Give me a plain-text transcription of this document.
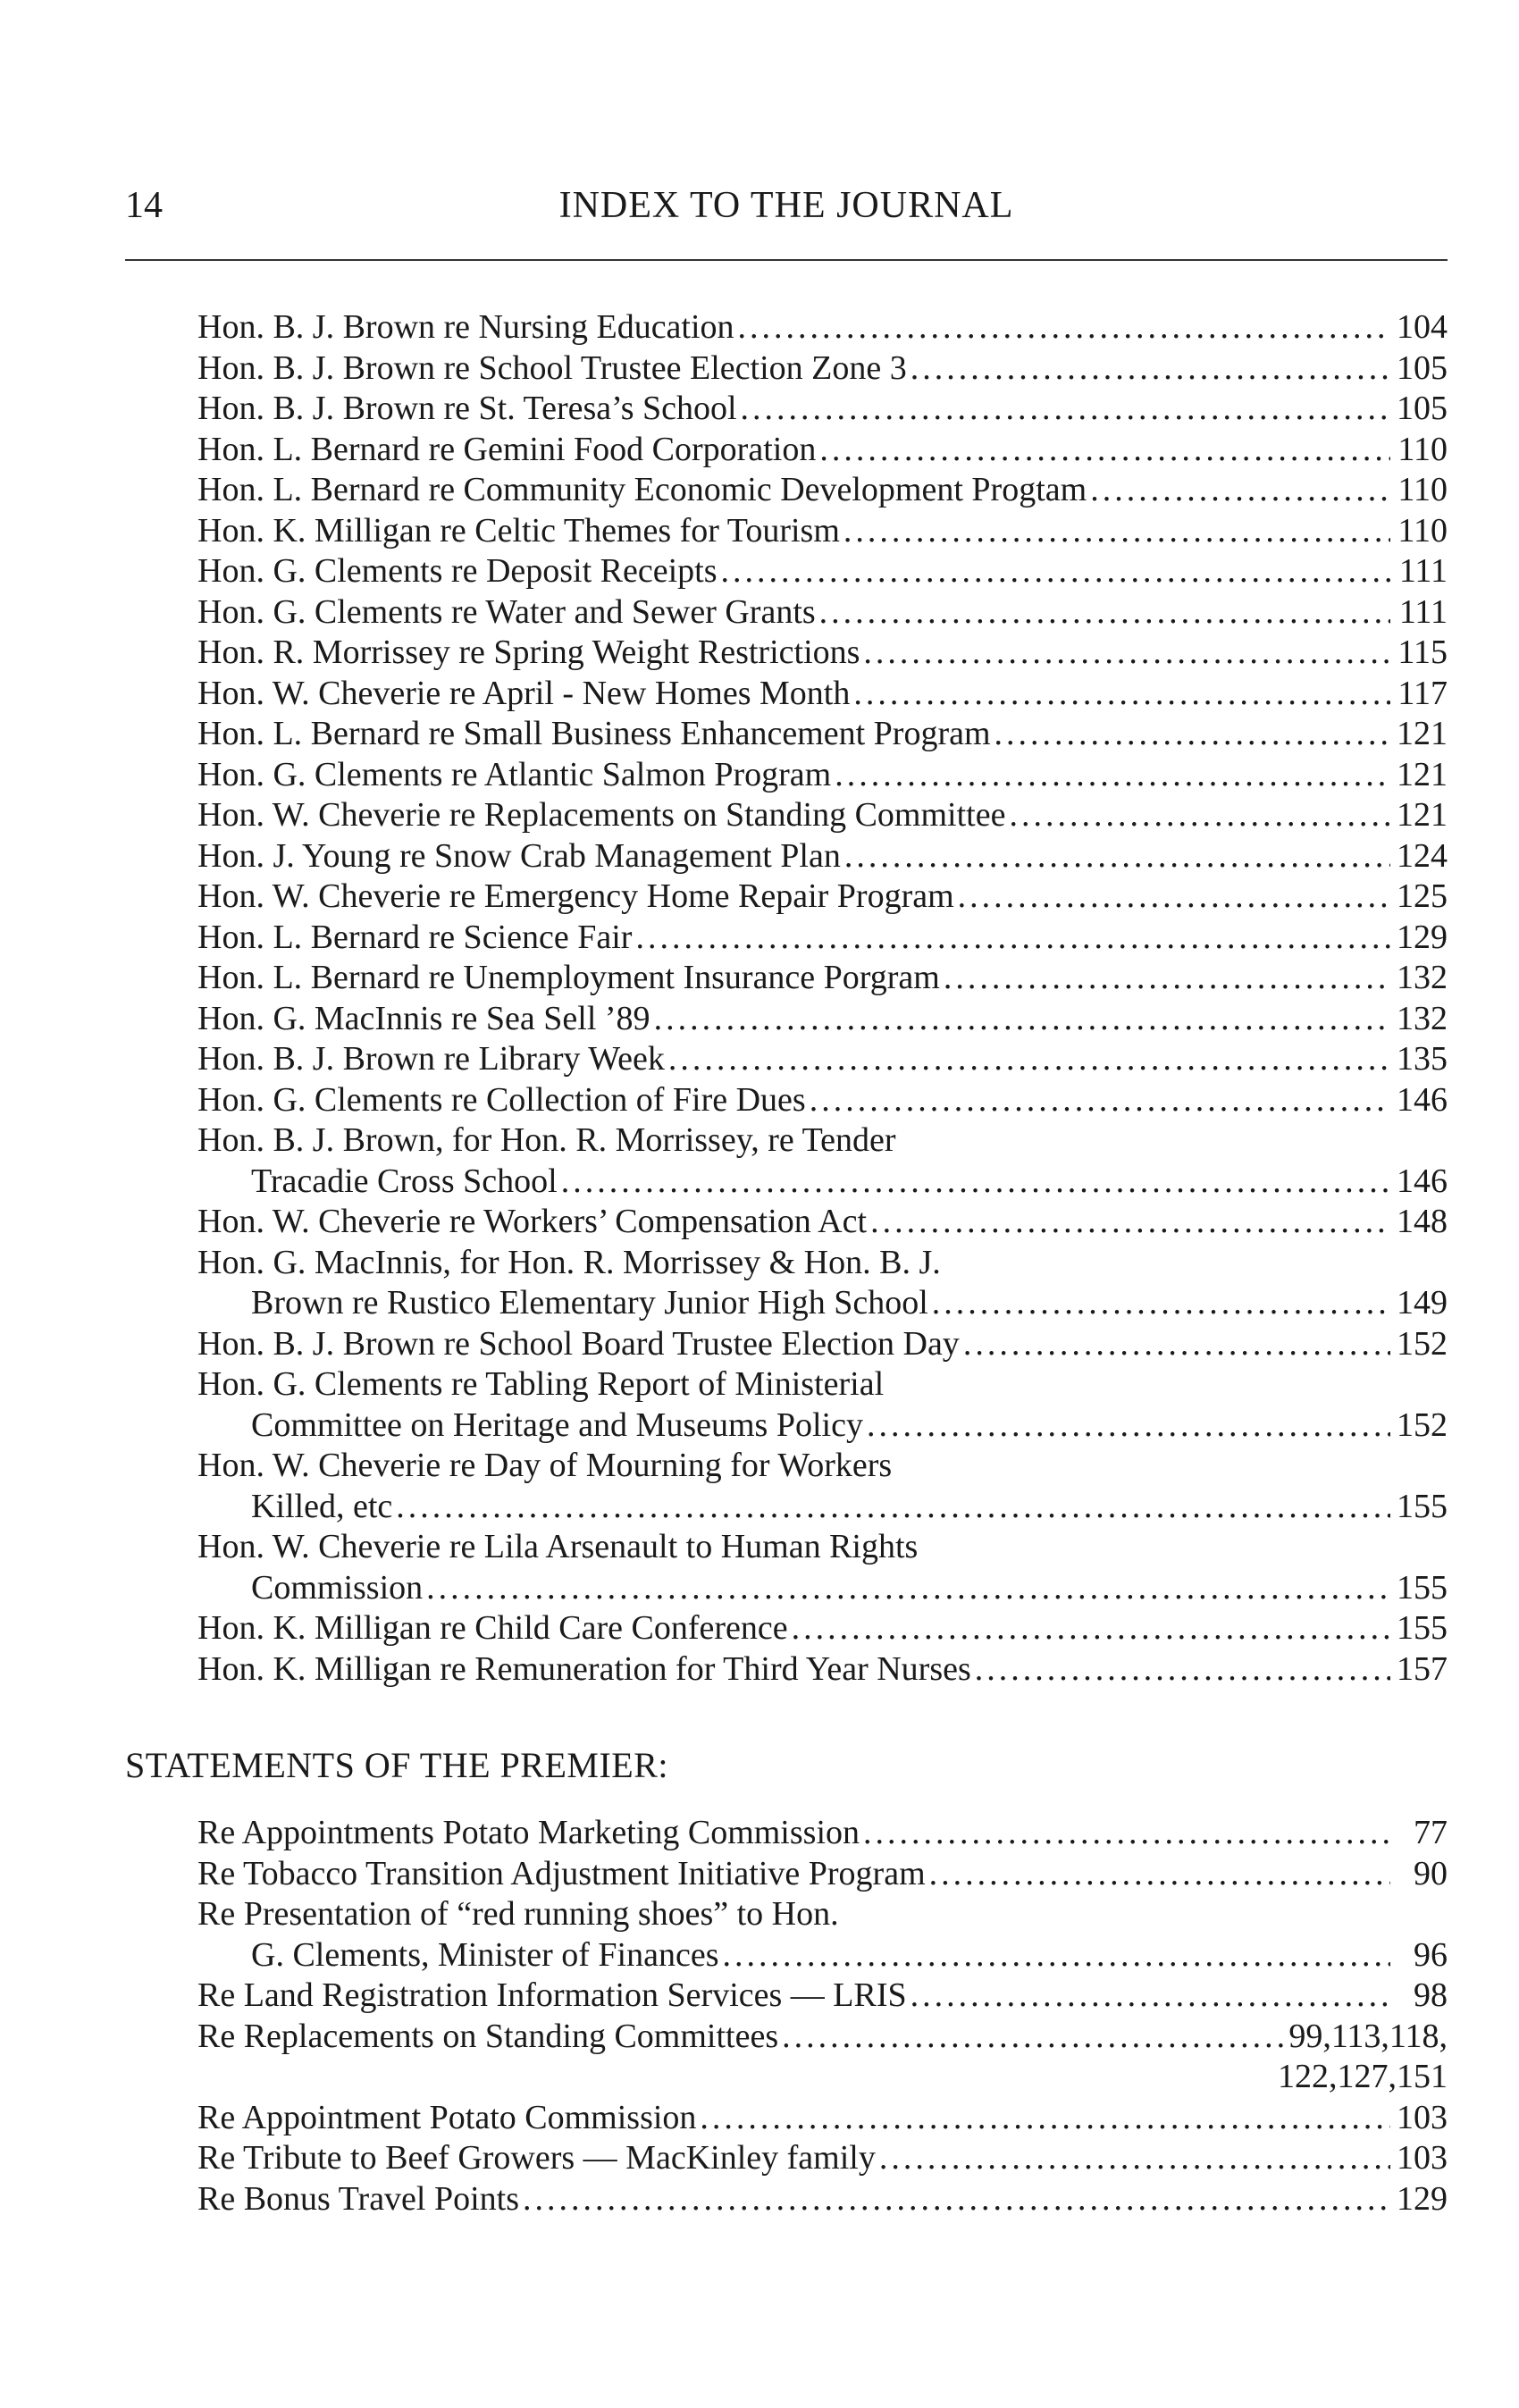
14	INDEX TO THE JOURNAL
Hon. B. J. Brown re Nursing Education .....	104
Hon. B. J. Brown re School Trustee Election Zone 3 .....	105
Hon. B. J. Brown re St. Teresa’s School .....	105
Hon. L. Bernard re Gemini Food Corporation .....	110
Hon. L. Bernard re Community Economic Development Progtam .....	110
Hon. K. Milligan re Celtic Themes for Tourism .....	110
Hon. G. Clements re Deposit Receipts .....	111
Hon. G. Clements re Water and Sewer Grants .....	111
Hon. R. Morrissey re Spring Weight Restrictions .....	115
Hon. W. Cheverie re April - New Homes Month .....	117
Hon. L. Bernard re Small Business Enhancement Program .....	121
Hon. G. Clements re Atlantic Salmon Program .....	121
Hon. W. Cheverie re Replacements on Standing Committee .....	121
Hon. J. Young re Snow Crab Management Plan .....	124
Hon. W. Cheverie re Emergency Home Repair Program .....	125
Hon. L. Bernard re Science Fair .....	129
Hon. L. Bernard re Unemployment Insurance Porgram .....	132
Hon. G. MacInnis re Sea Sell ’89 .....	132
Hon. B. J. Brown re Library Week .....	135
Hon. G. Clements re Collection of Fire Dues .....	146
Hon. B. J. Brown, for Hon. R. Morrissey, re Tender
Tracadie Cross School .....	146
Hon. W. Cheverie re Workers’ Compensation Act .....	148
Hon. G. MacInnis, for Hon. R. Morrissey & Hon. B. J.
Brown re Rustico Elementary Junior High School .....	149
Hon. B. J. Brown re School Board Trustee Election Day .....	152
Hon. G. Clements re Tabling Report of Ministerial
Committee on Heritage and Museums Policy .....	152
Hon. W. Cheverie re Day of Mourning for Workers
Killed, etc .....	155
Hon. W. Cheverie re Lila Arsenault to Human Rights
Commission .....	155
Hon. K. Milligan re Child Care Conference .....	155
Hon. K. Milligan re Remuneration for Third Year Nurses .....	157
STATEMENTS OF THE PREMIER:
Re Appointments Potato Marketing Commission .....	77
Re Tobacco Transition Adjustment Initiative Program .....	90
Re Presentation of “red running shoes” to Hon.
G. Clements, Minister of Finances .....	96
Re Land Registration Information Services — LRIS .....	98
Re Replacements on Standing Committees .....	99,113,118,
122,127,151
Re Appointment Potato Commission .....	103
Re Tribute to Beef Growers — MacKinley family .....	103
Re Bonus Travel Points .....	129
